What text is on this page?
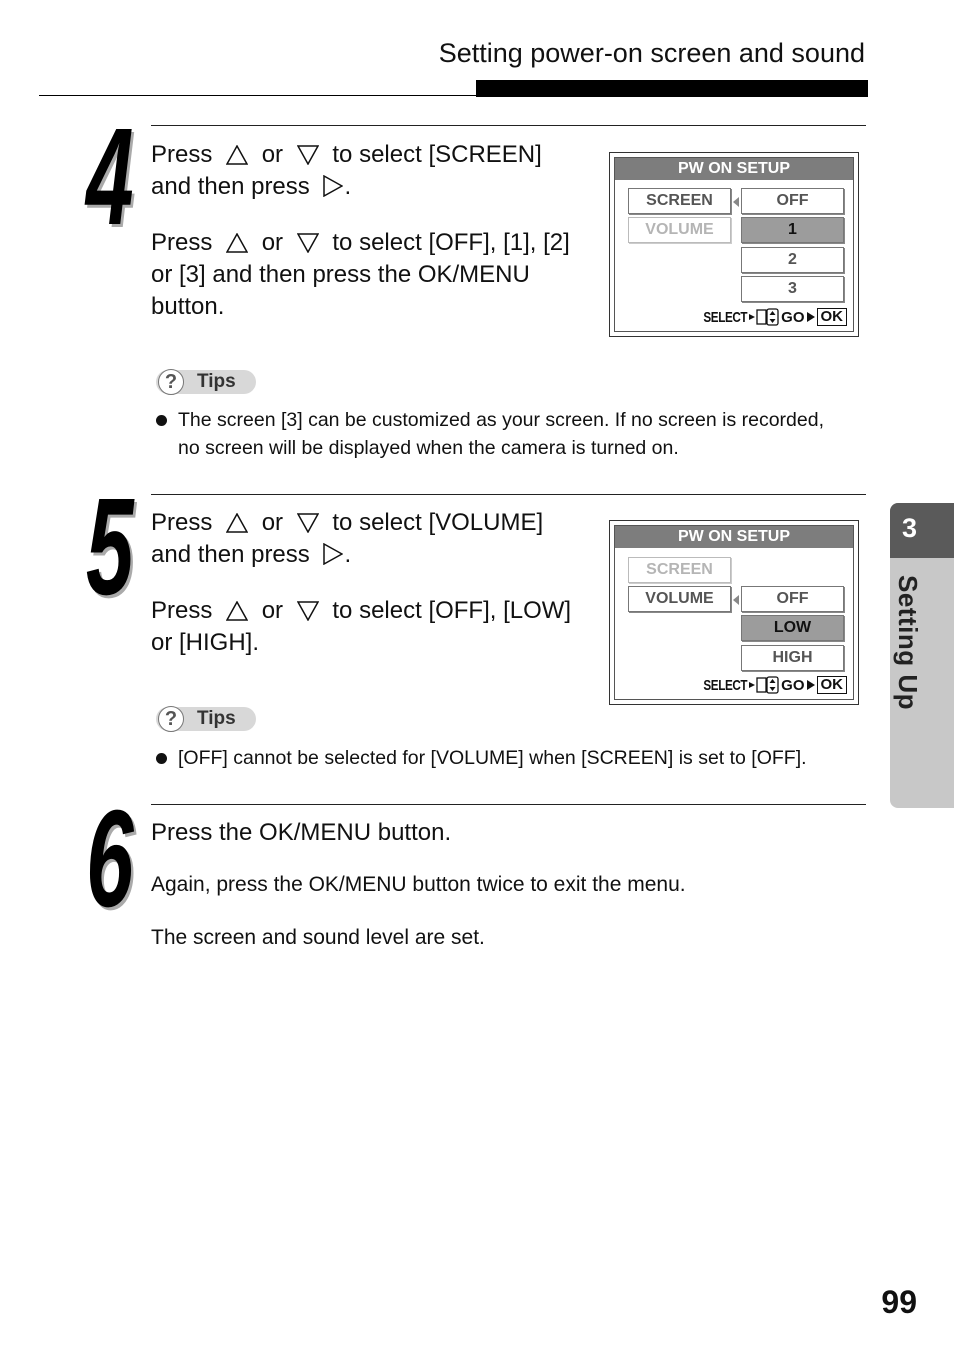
Setting power-on screen and sound
4 Press or to select [SCREEN]

and then press .

Press or to select [OFF], [1], [2]

or [3] and then press the OK/MENU

button.

PW ON SETUP
SCREEN
VOLUME
OFF
1
2
3
SELECT GO OK
?	Tips
The screen [3] can be customized as your screen. If no screen is recorded,
no screen will be displayed when the camera is turned on.
5 Press or to select [VOLUME]

and then press .

Press or to select [OFF], [LOW]

or [HIGH].

PW ON SETUP
SCREEN
VOLUME	OFF
LOW
HIGH
SELECT GO OK
?	Tips
[OFF] cannot be selected for [VOLUME] when [SCREEN] is set to [OFF].
6 Press the OK/MENU button.
Again, press the OK/MENU button twice to exit the menu.
The screen and sound level are set.
3
Setting Up
99
